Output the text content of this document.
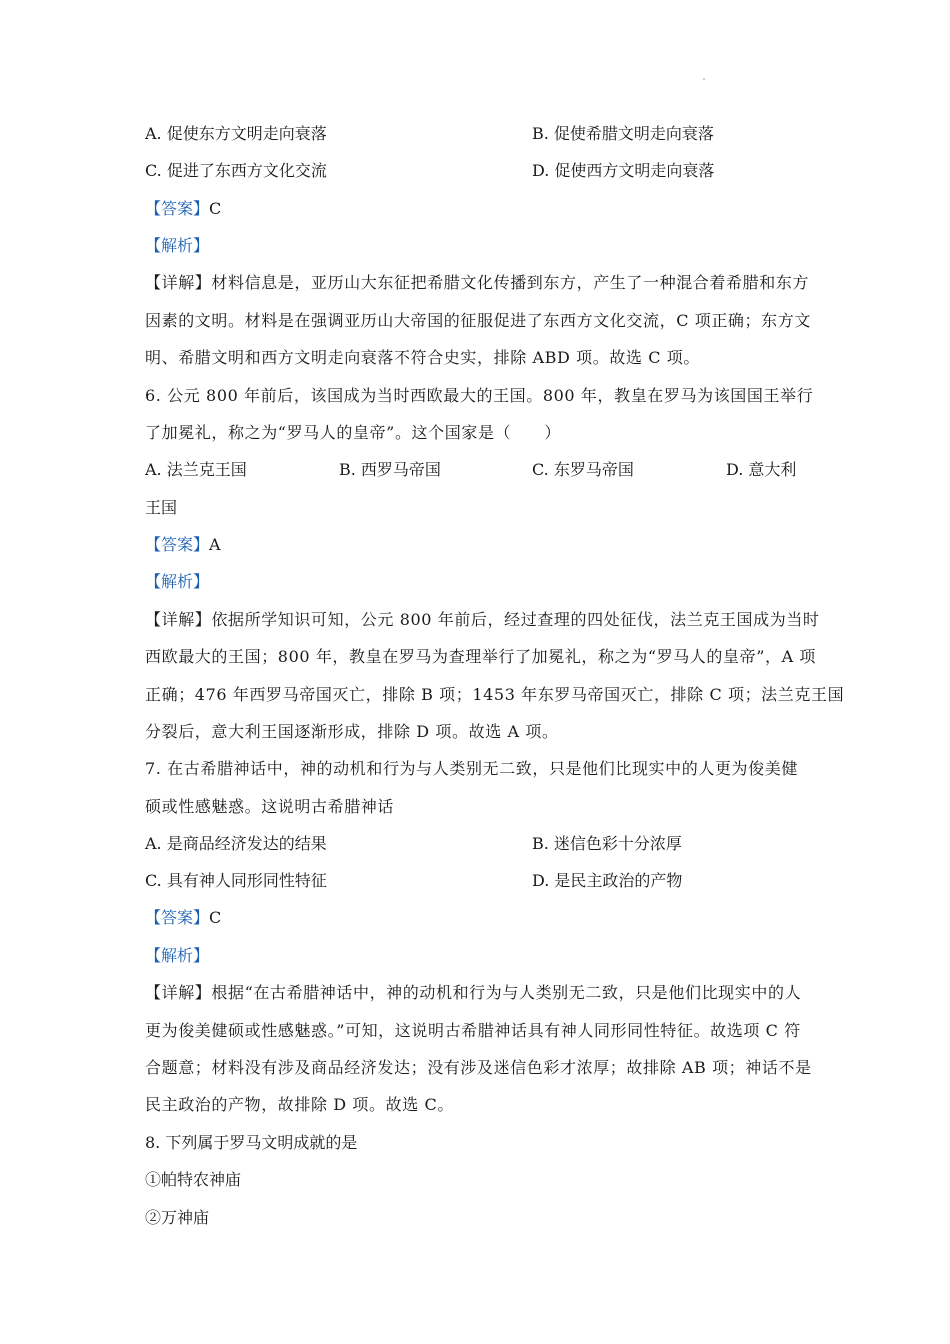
A. 促使东方文明走向衰落	B. 促使希腊文明走向衰落
C. 促进了东西方文化交流	D. 促使西方文明走向衰落
【答案】C
【解析】
【详解】材料信息是，亚历山大东征把希腊文化传播到东方，产生了一种混合着希腊和东方
因素的文明。材料是在强调亚历山大帝国的征服促进了东西方文化交流，C 项正确；东方文
明、希腊文明和西方文明走向衰落不符合史实，排除 ABD 项。故选 C 项。
6. 公元 800 年前后，该国成为当时西欧最大的王国。800 年，教皇在罗马为该国国王举行
了加冕礼，称之为“罗马人的皇帝”。这个国家是（　　）
A. 法兰克王国	B. 西罗马帝国	C. 东罗马帝国	D. 意大利
王国
【答案】A
【解析】
【详解】依据所学知识可知，公元 800 年前后，经过查理的四处征伐，法兰克王国成为当时
西欧最大的王国；800 年，教皇在罗马为查理举行了加冕礼，称之为“罗马人的皇帝”，A 项
正确；476 年西罗马帝国灭亡，排除 B 项；1453 年东罗马帝国灭亡，排除 C 项；法兰克王国
分裂后，意大利王国逐渐形成，排除 D 项。故选 A 项。
7. 在古希腊神话中，神的动机和行为与人类别无二致，只是他们比现实中的人更为俊美健
硕或性感魅惑。这说明古希腊神话
A. 是商品经济发达的结果	B. 迷信色彩十分浓厚
C. 具有神人同形同性特征	D. 是民主政治的产物
【答案】C
【解析】
【详解】根据“在古希腊神话中，神的动机和行为与人类别无二致，只是他们比现实中的人
更为俊美健硕或性感魅惑。”可知，这说明古希腊神话具有神人同形同性特征。故选项 C 符
合题意；材料没有涉及商品经济发达；没有涉及迷信色彩才浓厚；故排除 AB 项；神话不是
民主政治的产物，故排除 D 项。故选 C。
8. 下列属于罗马文明成就的是
①帕特农神庙
②万神庙
